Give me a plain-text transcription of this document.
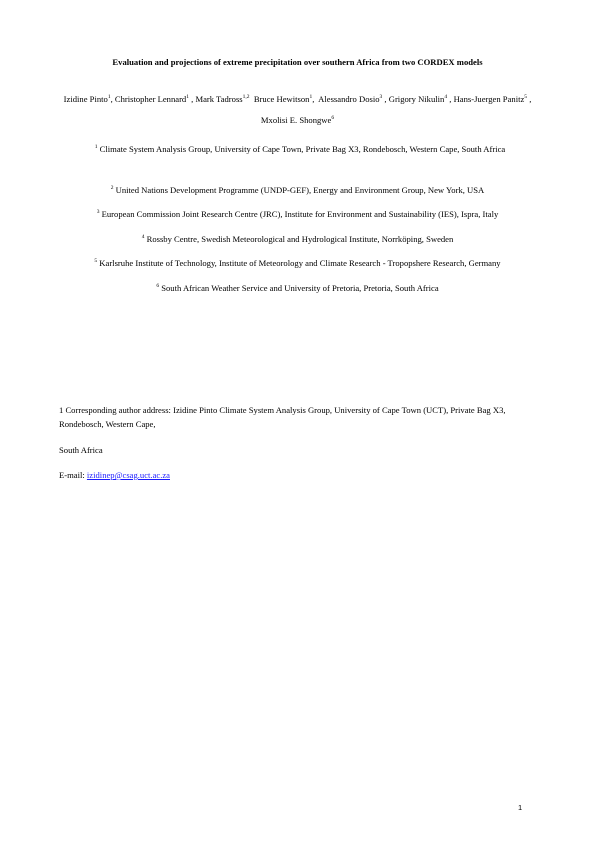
Evaluation and projections of extreme precipitation over southern Africa from two CORDEX models
Izidine Pinto$^1$, Christopher Lennard$^1$ , Mark Tadross$^{1,2}$ Bruce Hewitson$^1$,  Alessandro Dosio$^3$ , Grigory Nikulin$^4$ , Hans-Juergen Panitz$^5$ , Mxolisi E. Shongwe$^6$
$^1$ Climate System Analysis Group, University of Cape Town, Private Bag X3, Rondebosch, Western Cape, South Africa
$^2$ United Nations Development Programme (UNDP-GEF), Energy and Environment Group, New York, USA
$^3$ European Commission Joint Research Centre (JRC), Institute for Environment and Sustainability (IES), Ispra, Italy
$^4$ Rossby Centre, Swedish Meteorological and Hydrological Institute, Norrköping, Sweden
$^5$ Karlsruhe Institute of Technology, Institute of Meteorology and Climate Research - Tropopshere Research, Germany
$^6$ South African Weather Service and University of Pretoria, Pretoria, South Africa
1 Corresponding author address: Izidine Pinto Climate System Analysis Group, University of Cape Town (UCT), Private Bag X3, Rondebosch, Western Cape,
South Africa
E-mail: izidinep@csag.uct.ac.za
1
